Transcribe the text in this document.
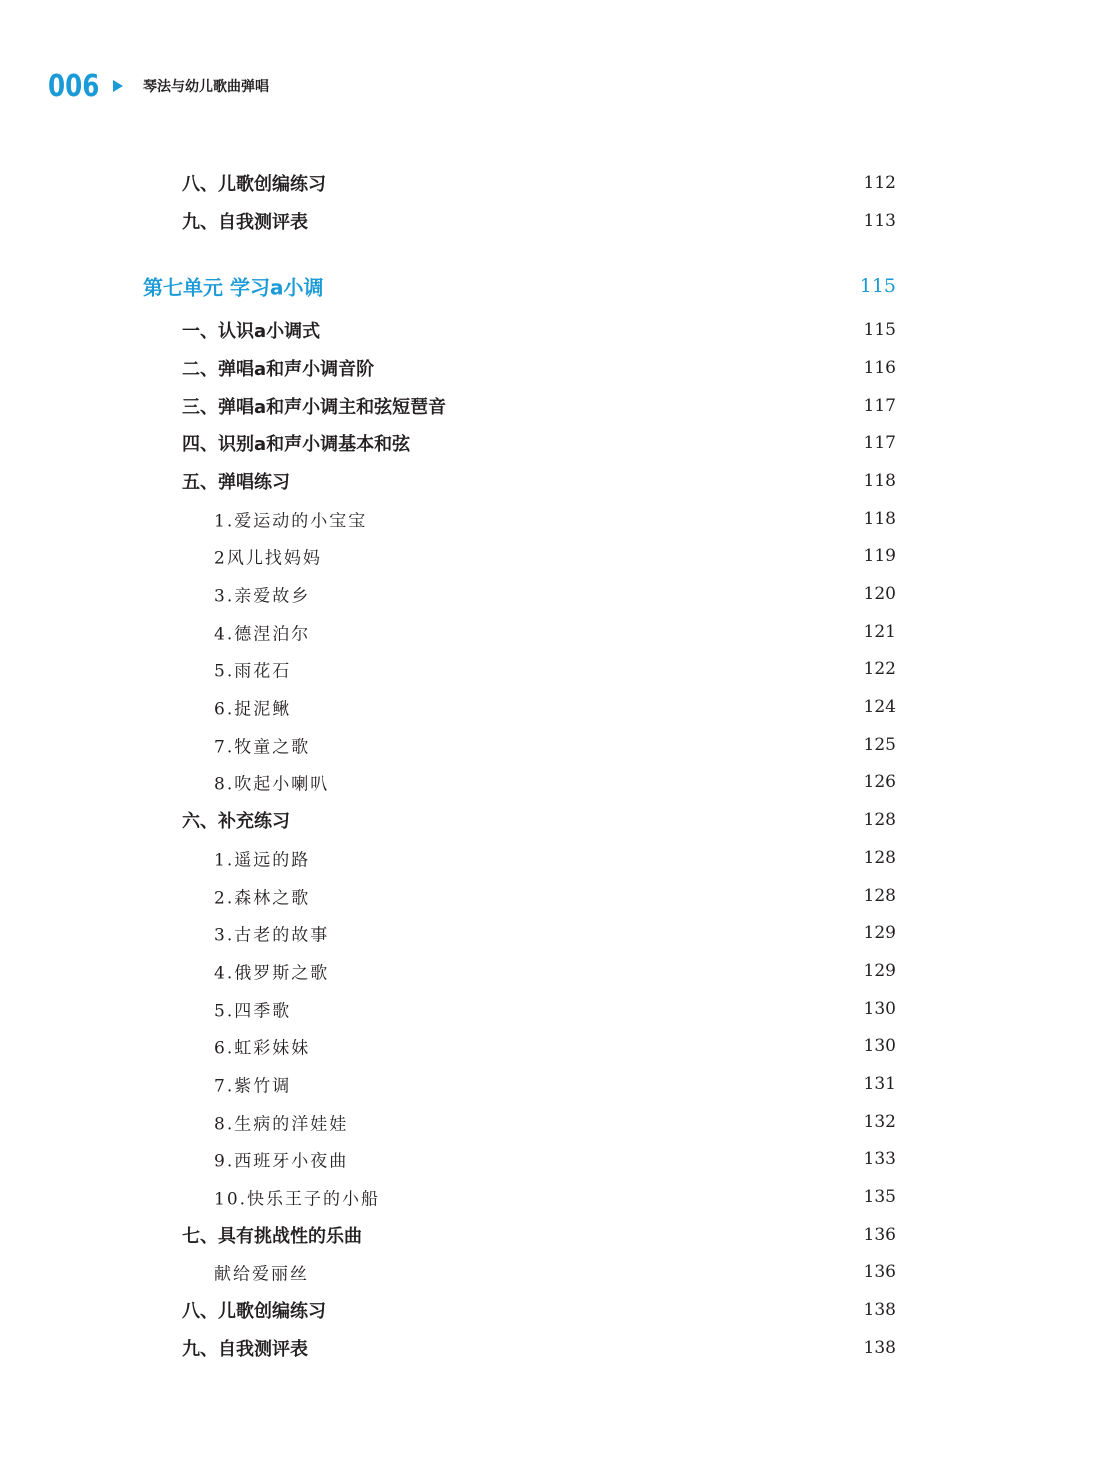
006	琴法与幼儿歌曲弹唱
八、儿歌创编练习	112
九、自我测评表	113
第七单元 学习a小调	115
一、认识a小调式	115
二、弹唱a和声小调音阶	116
三、弹唱a和声小调主和弦短琶音	117
四、识别a和声小调基本和弦	117
五、弹唱练习	118
1.爱运动的小宝宝	118
2风儿找妈妈	119
3.亲爱故乡	120
4.德涅泊尔	121
5.雨花石	122
6.捉泥鳅	124
7.牧童之歌	125
8.吹起小喇叭	126
六、补充练习	128
1.遥远的路	128
2.森林之歌	128
3.古老的故事	129
4.俄罗斯之歌	129
5.四季歌	130
6.虹彩妹妹	130
7.紫竹调	131
8.生病的洋娃娃	132
9.西班牙小夜曲	133
10.快乐王子的小船	135
七、具有挑战性的乐曲	136
献给爱丽丝	136
八、儿歌创编练习	138
九、自我测评表	138
